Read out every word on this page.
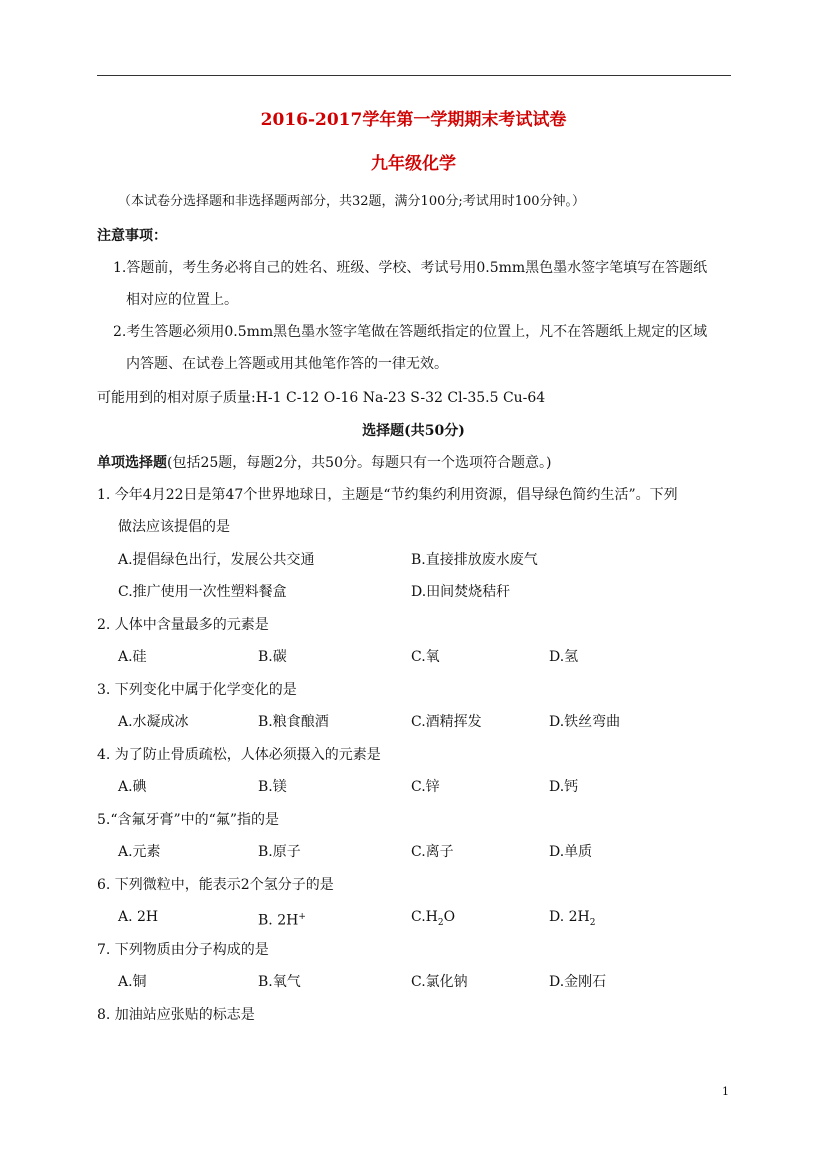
2016-2017学年第一学期期末考试试卷
九年级化学
（本试卷分选择题和非选择题两部分，共32题，满分100分;考试用时100分钟。）
注意事项：
1.答题前，考生务必将自己的姓名、班级、学校、考试号用0.5mm黑色墨水签字笔填写在答题纸
相对应的位置上。
2.考生答题必须用0.5mm黑色墨水签字笔做在答题纸指定的位置上，凡不在答题纸上规定的区域
内答题、在试卷上答题或用其他笔作答的一律无效。
可能用到的相对原子质量:H-1 C-12 O-16 Na-23 S-32 Cl-35.5 Cu-64
选择题(共50分)
单项选择题(包括25题，每题2分，共50分。每题只有一个选项符合题意。)
1. 今年4月22日是第47个世界地球日，主题是“节约集约利用资源，倡导绿色简约生活”。下列
做法应该提倡的是
A.提倡绿色出行，发展公共交通	B.直接排放废水废气
C.推广使用一次性塑料餐盒	D.田间焚烧秸秆
2. 人体中含量最多的元素是
A.硅	B.碳	C.氧	D.氢
3. 下列变化中属于化学变化的是
A.水凝成冰	B.粮食酿酒	C.酒精挥发	D.铁丝弯曲
4. 为了防止骨质疏松，人体必须摄入的元素是
A.碘	B.镁	C.锌	D.钙
5.“含氟牙膏”中的“氟”指的是
A.元素	B.原子	C.离子	D.单质
6. 下列微粒中，能表示2个氢分子的是
A. 2H	B. 2H+	$C.H_2O$	D. $2H_2$
7. 下列物质由分子构成的是
A.铜	B.氧气	C.氯化钠	D.金刚石
8. 加油站应张贴的标志是
1
